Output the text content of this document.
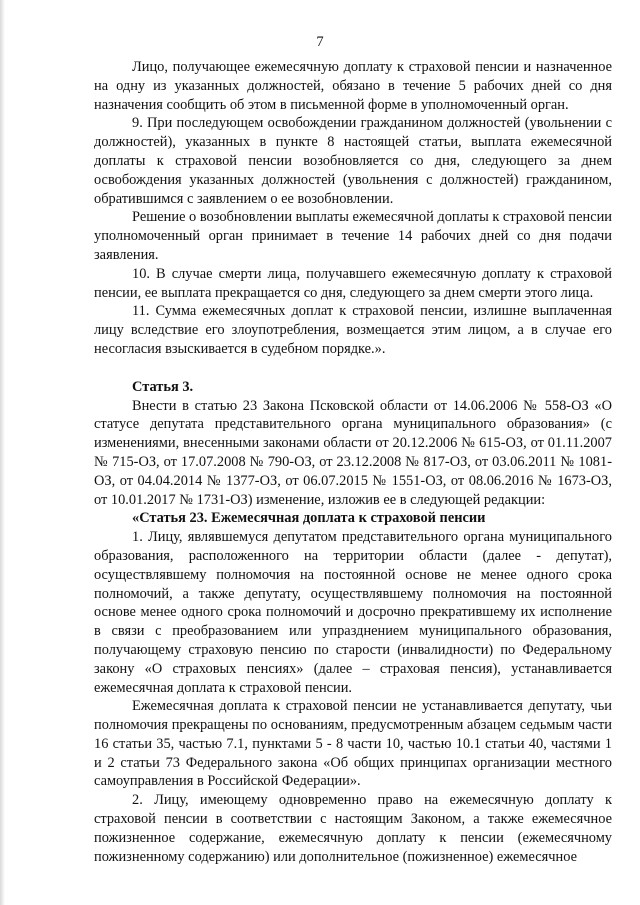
7

Лицо, получающее ежемесячную доплату к страховой пенсии и назначенное на одну из указанных должностей, обязано в течение 5 рабочих дней со дня назначения сообщить об этом в письменной форме в уполномоченный орган.

9. При последующем освобождении гражданином должностей (увольнении с должностей), указанных в пункте 8 настоящей статьи, выплата ежемесячной доплаты к страховой пенсии возобновляется со дня, следующего за днем освобождения указанных должностей (увольнения с должностей) гражданином, обратившимся с заявлением о ее возобновлении.

Решение о возобновлении выплаты ежемесячной доплаты к страховой пенсии уполномоченный орган принимает в течение 14 рабочих дней со дня подачи заявления.

10. В случае смерти лица, получавшего ежемесячную доплату к страховой пенсии, ее выплата прекращается со дня, следующего за днем смерти этого лица.

11. Сумма ежемесячных доплат к страховой пенсии, излишне выплаченная лицу вследствие его злоупотребления, возмещается этим лицом, а в случае его несогласия взыскивается в судебном порядке.».

Статья 3.

Внести в статью 23 Закона Псковской области от 14.06.2006 № 558-ОЗ «О статусе депутата представительного органа муниципального образования» (с изменениями, внесенными законами области от 20.12.2006 № 615-ОЗ, от 01.11.2007 № 715-ОЗ, от 17.07.2008 № 790-ОЗ, от 23.12.2008 № 817-ОЗ, от 03.06.2011 № 1081-ОЗ, от 04.04.2014 № 1377-ОЗ, от 06.07.2015 № 1551-ОЗ, от 08.06.2016 № 1673-ОЗ, от 10.01.2017 № 1731-ОЗ) изменение, изложив ее в следующей редакции:

«Статья 23. Ежемесячная доплата к страховой пенсии

1. Лицу, являвшемуся депутатом представительного органа муниципального образования, расположенного на территории области (далее - депутат), осуществлявшему полномочия на постоянной основе не менее одного срока полномочий, а также депутату, осуществлявшему полномочия на постоянной основе менее одного срока полномочий и досрочно прекратившему их исполнение в связи с преобразованием или упразднением муниципального образования, получающему страховую пенсию по старости (инвалидности) по Федеральному закону «О страховых пенсиях» (далее – страховая пенсия), устанавливается ежемесячная доплата к страховой пенсии.

Ежемесячная доплата к страховой пенсии не устанавливается депутату, чьи полномочия прекращены по основаниям, предусмотренным абзацем седьмым части 16 статьи 35, частью 7.1, пунктами 5 - 8 части 10, частью 10.1 статьи 40, частями 1 и 2 статьи 73 Федерального закона «Об общих принципах организации местного самоуправления в Российской Федерации».

2. Лицу, имеющему одновременно право на ежемесячную доплату к страховой пенсии в соответствии с настоящим Законом, а также ежемесячное пожизненное содержание, ежемесячную доплату к пенсии (ежемесячному пожизненному содержанию) или дополнительное (пожизненное) ежемесячное
